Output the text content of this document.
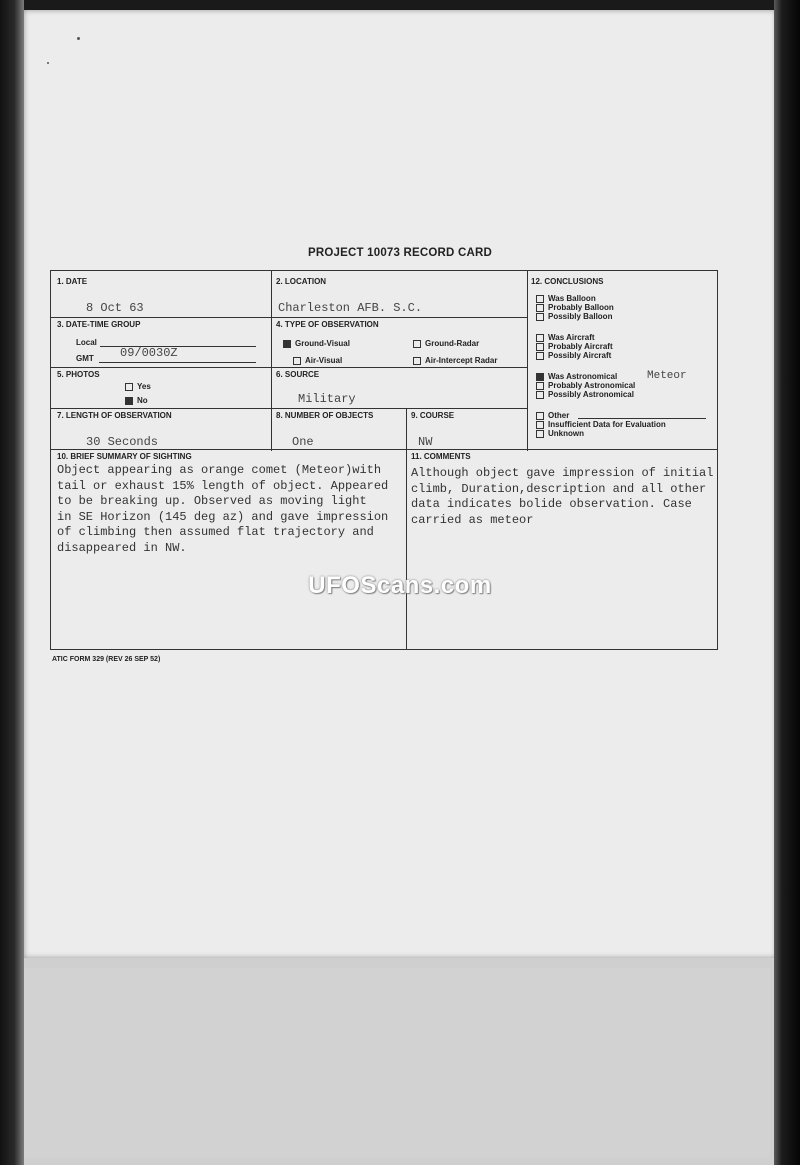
PROJECT 10073 RECORD CARD
1. DATE
8 Oct 63
2. LOCATION
Charleston AFB. S.C.
3. DATE-TIME GROUP
Local
GMT 09/0030Z
4. TYPE OF OBSERVATION
Ground-Visual	Ground-Radar
Air-Visual	Air-Intercept Radar
5. PHOTOS
Yes
No
6. SOURCE
Military
7. LENGTH OF OBSERVATION
30 Seconds
8. NUMBER OF OBJECTS
One
9. COURSE
NW
10. BRIEF SUMMARY OF SIGHTING
Object appearing as orange comet (Meteor)with
tail or exhaust 15% length of object. Appeared
to be breaking up. Observed as moving light
in SE Horizon (145 deg az) and gave impression
of climbing then assumed flat trajectory and
disappeared in NW.
11. COMMENTS
Although object gave impression of initial
climb, Duration,description and all other
data indicates bolide observation. Case
carried as meteor
12. CONCLUSIONS
Was Balloon
Probably Balloon
Possibly Balloon
Was Aircraft
Probably Aircraft
Possibly Aircraft
Was Astronomical
Probably Astronomical
Possibly Astronomical
Meteor
Other
Insufficient Data for Evaluation
Unknown
ATIC FORM 329 (REV 26 SEP 52)
UFOScans.com
